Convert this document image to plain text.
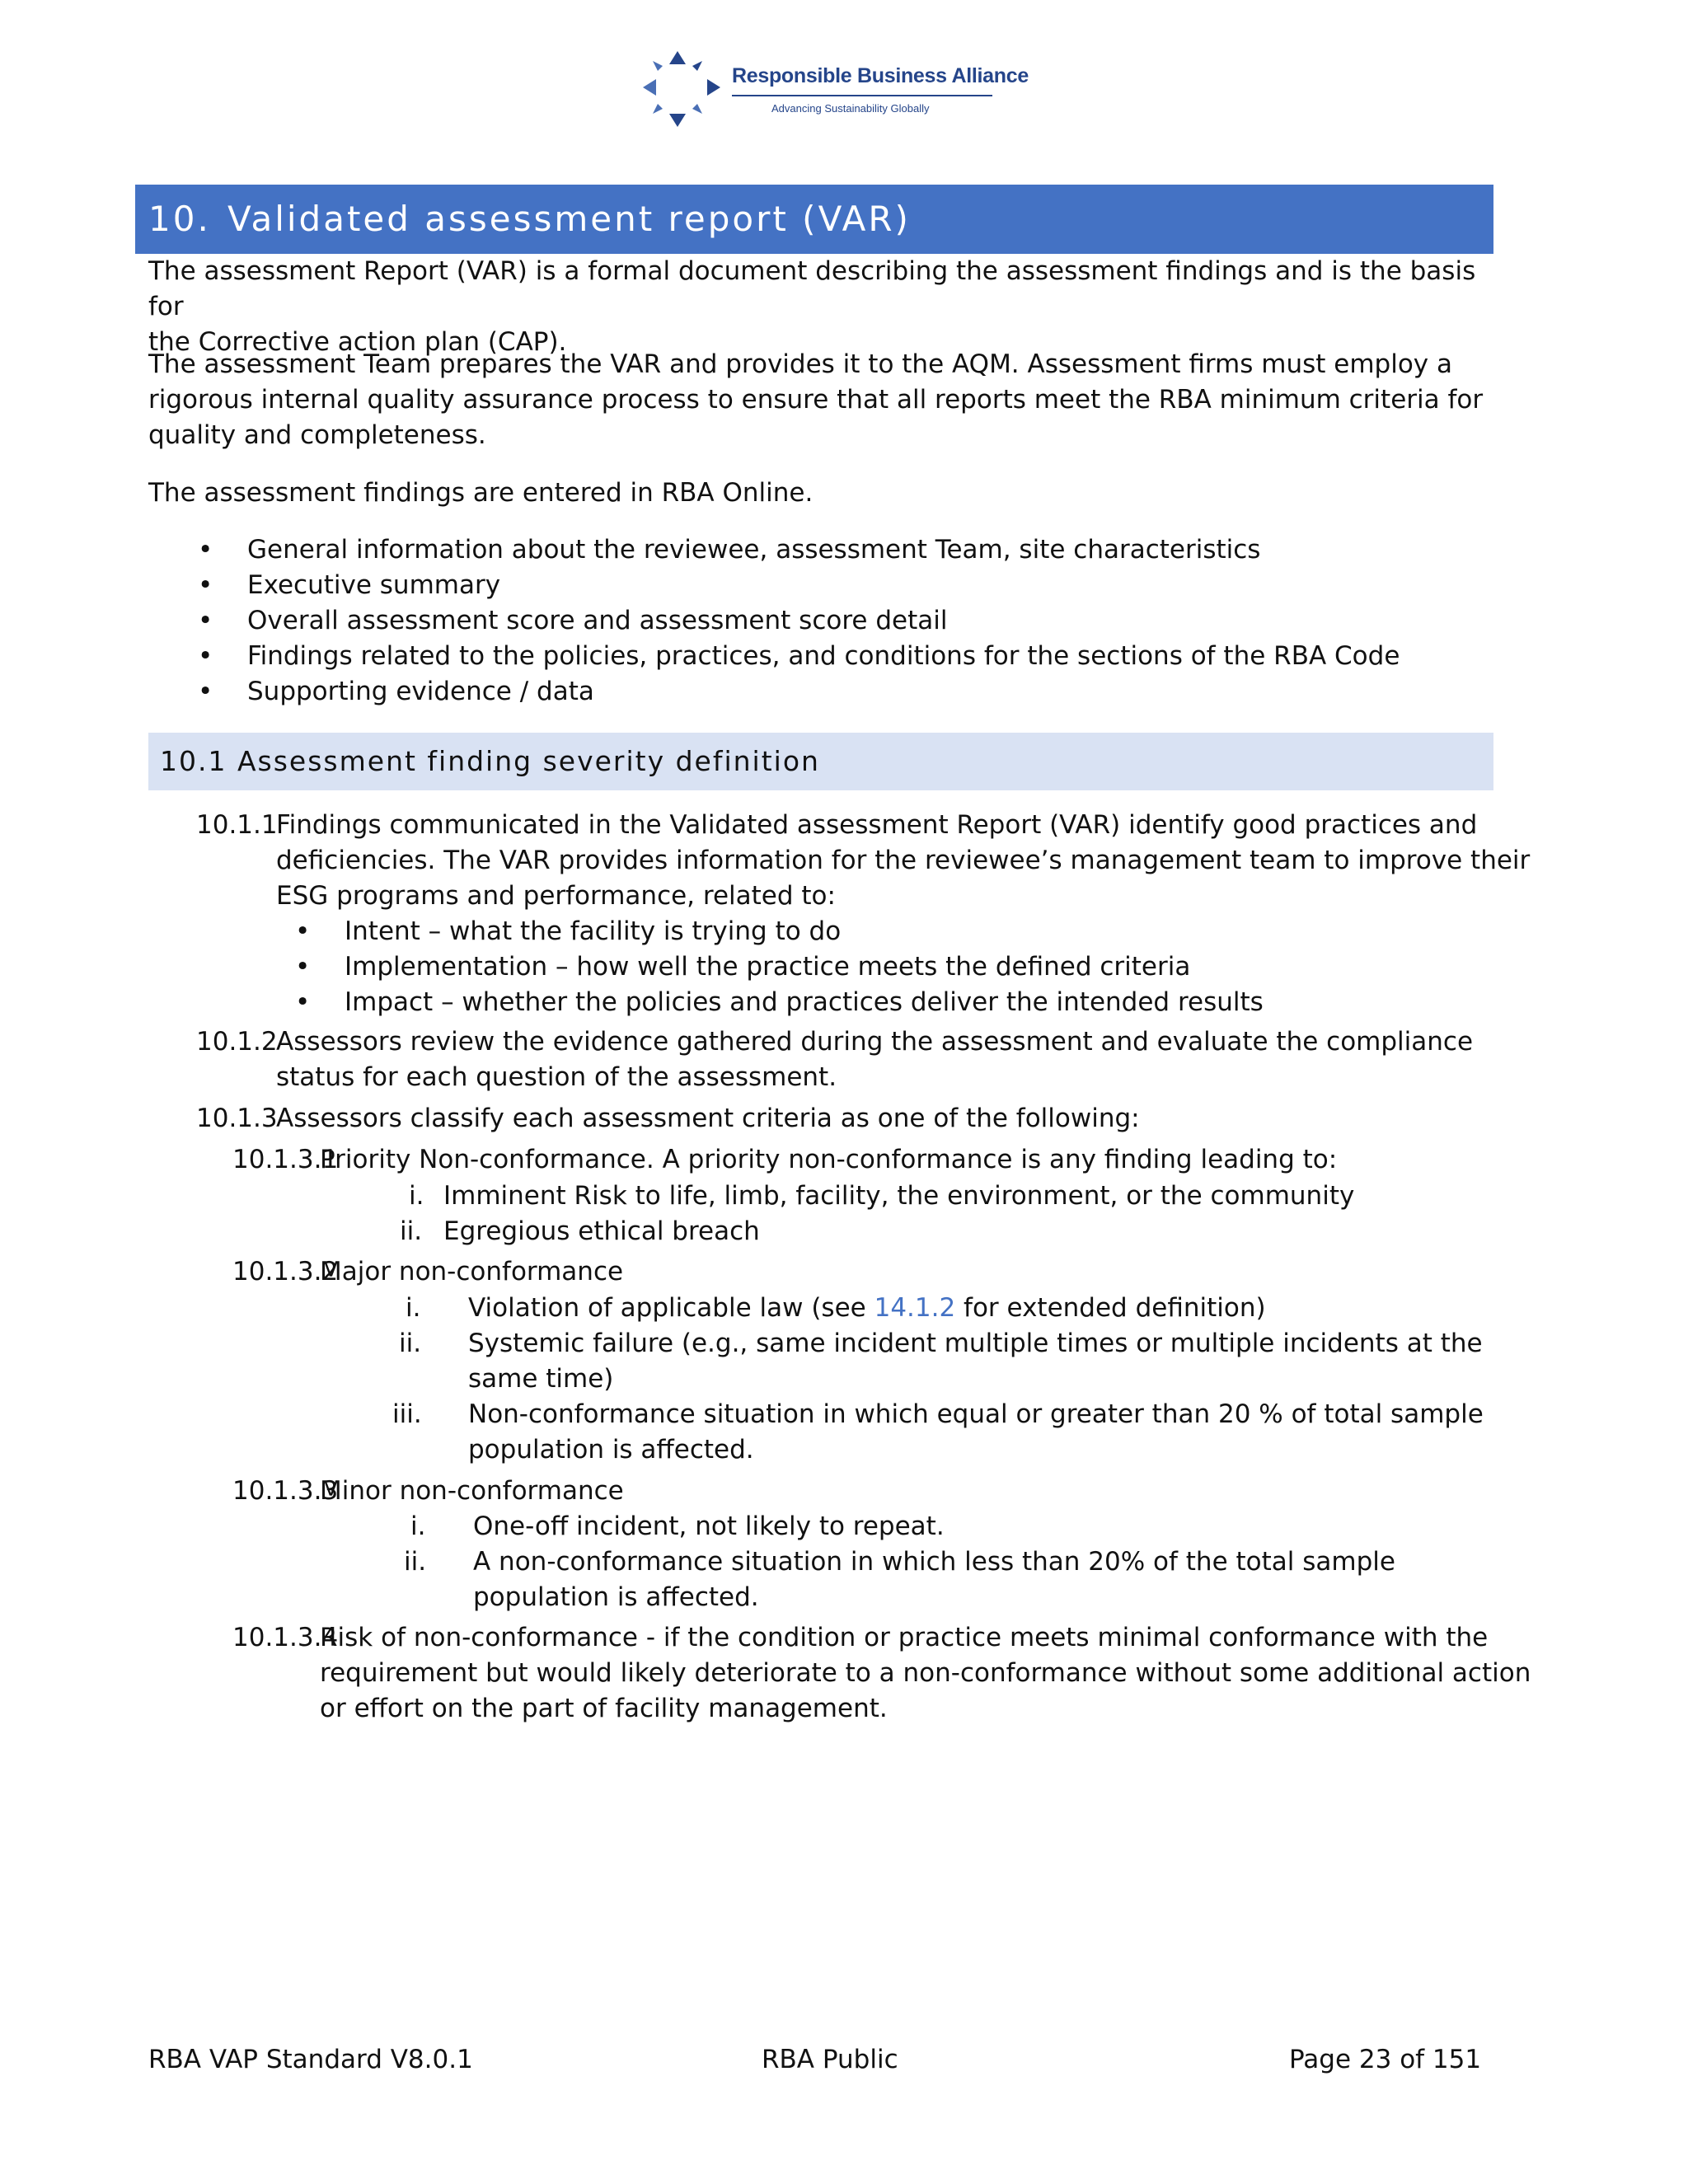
Responsible Business Alliance
Advancing Sustainability Globally
10. Validated assessment report (VAR)
The assessment Report (VAR) is a formal document describing the assessment findings and is the basis for
the Corrective action plan (CAP).
The assessment Team prepares the VAR and provides it to the AQM. Assessment firms must employ a
rigorous internal quality assurance process to ensure that all reports meet the RBA minimum criteria for
quality and completeness.
The assessment findings are entered in RBA Online.
• General information about the reviewee, assessment Team, site characteristics
• Executive summary
• Overall assessment score and assessment score detail
• Findings related to the policies, practices, and conditions for the sections of the RBA Code
• Supporting evidence / data
10.1 Assessment finding severity definition
10.1.1
Findings communicated in the Validated assessment Report (VAR) identify good practices and
deficiencies. The VAR provides information for the reviewee’s management team to improve their
ESG programs and performance, related to:
• Intent – what the facility is trying to do
• Implementation – how well the practice meets the defined criteria
• Impact – whether the policies and practices deliver the intended results
10.1.2
Assessors review the evidence gathered during the assessment and evaluate the compliance
status for each question of the assessment.
10.1.3
Assessors classify each assessment criteria as one of the following:
10.1.3.1
Priority Non-conformance. A priority non-conformance is any finding leading to:
i. Imminent Risk to life, limb, facility, the environment, or the community
ii. Egregious ethical breach
10.1.3.2
Major non-conformance
i. Violation of applicable law (see 14.1.2 for extended definition)
ii. Systemic failure (e.g., same incident multiple times or multiple incidents at the
same time)
iii. Non-conformance situation in which equal or greater than 20 % of total sample
population is affected.
10.1.3.3
Minor non-conformance
i. One-off incident, not likely to repeat.
ii. A non-conformance situation in which less than 20% of the total sample
population is affected.
10.1.3.4
Risk of non-conformance - if the condition or practice meets minimal conformance with the
requirement but would likely deteriorate to a non-conformance without some additional action
or effort on the part of facility management.
RBA VAP Standard V8.0.1	RBA Public	Page 23 of 151
